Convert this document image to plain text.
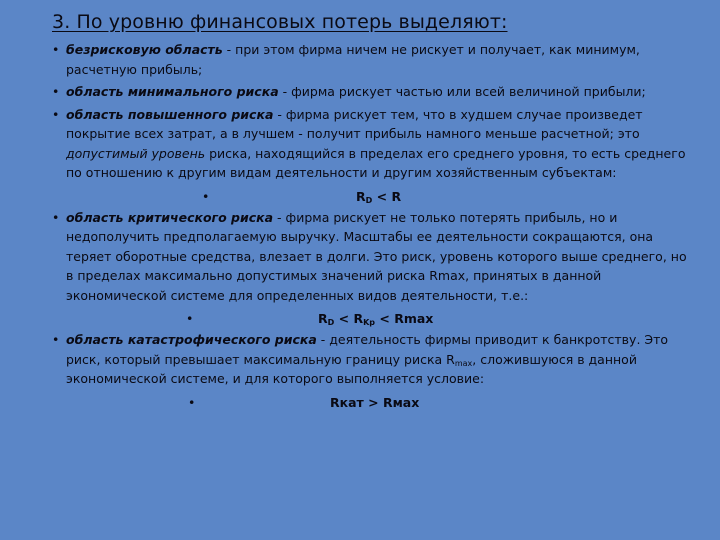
3. По уровню финансовых потерь выделяют:
• безрисковую область - при этом фирма ничем не рискует и получает, как минимум, расчетную прибыль;
• область минимального риска - фирма рискует частью или всей величиной прибыли;
• область повышенного риска - фирма рискует тем, что в худшем случае произведет покрытие всех затрат, а в лучшем - получит прибыль намного меньше расчетной; это допустимый уровень риска, находящийся в пределах его среднего уровня, то есть среднего по отношению к другим видам деятельности и другим хозяйственным субъектам:
•	$R_D < R$
• область критического риска - фирма рискует не только потерять прибыль, но и недополучить предполагаемую выручку. Масштабы ее деятельности сокращаются, она теряет оборотные средства, влезает в долги. Это риск, уровень которого выше среднего, но в пределах максимально допустимых значений риска Rmax, принятых в данной экономической системе для определенных видов деятельности, т.е.:
•	$R_D < R_{Kp} < Rmax$
• область катастрофического риска - деятельность фирмы приводит к банкротству. Это риск, который превышает максимальную границу риска $R_{max}$, сложившуюся в данной экономической системе, и для которого выполняется условие:
•	Rкат > Rмах
